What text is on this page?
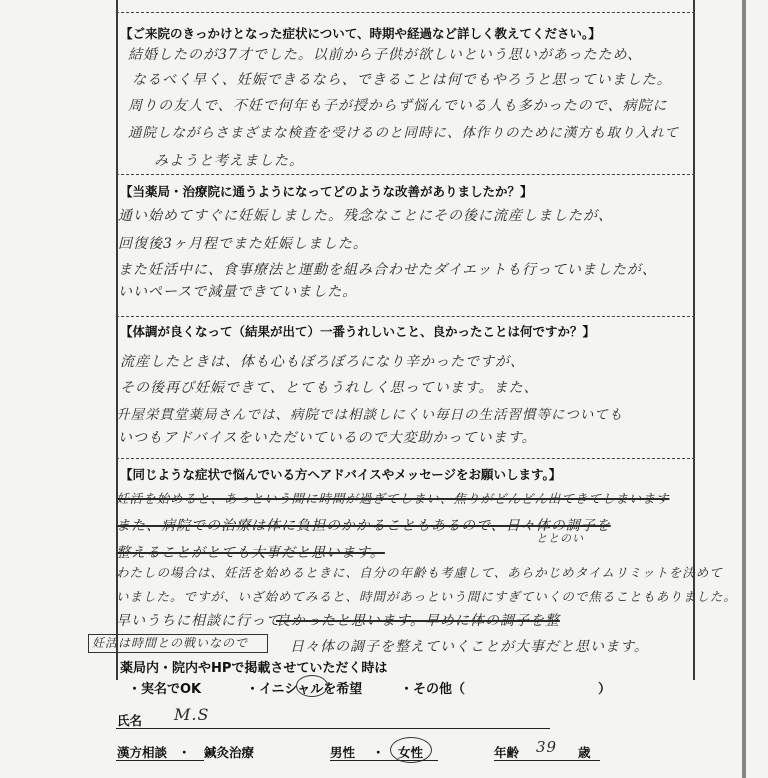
【ご来院のきっかけとなった症状について、時期や経過など詳しく教えてください。】
結婚したのが37才でした。以前から子供が欲しいという思いがあったため、
なるべく早く、妊娠できるなら、できることは何でもやろうと思っていました。
周りの友人で、不妊で何年も子が授からず悩んでいる人も多かったので、病院に
通院しながらさまざまな検査を受けるのと同時に、体作りのために漢方も取り入れて
みようと考えました。
【当薬局・治療院に通うようになってどのような改善がありましたか？】
通い始めてすぐに妊娠しました。残念なことにその後に流産しましたが、
回復後3ヶ月程でまた妊娠しました。
また妊活中に、食事療法と運動を組み合わせたダイエットも行っていましたが、
いいペースで減量できていました。
【体調が良くなって（結果が出て）一番うれしいこと、良かったことは何ですか？】
流産したときは、体も心もぼろぼろになり辛かったですが、
その後再び妊娠できて、とてもうれしく思っています。また、
升屋栄貫堂薬局さんでは、病院では相談しにくい毎日の生活習慣等についても
いつもアドバイスをいただいているので大変助かっています。
【同じような症状で悩んでいる方へアドバイスやメッセージをお願いします。】
妊活を始めると、あっという間に時間が過ぎてしまい、焦りがどんどん出てきてしまいます
また、病院での治療は体に負担のかかることもあるので、日々体の調子を
ととのい
整えることがとても大事だと思います。
わたしの場合は、妊活を始めるときに、自分の年齢も考慮して、あらかじめタイムリミットを決めて
いました。ですが、いざ始めてみると、時間があっという間にすぎていくので焦ることもありました。
早いうちに相談に行って
良かったと思います。早めに体の調子を整
妊活は時間との戦いなので	日々体の調子を整えていくことが大事だと思います。
薬局内・院内やHPで掲載させていただく時は
・実名でOK	・イニシャルを希望	・その他（	）
氏名 M.S
漢方相談 ・ 鍼灸治療	男性 ・ 女性	年齢 39 歳
